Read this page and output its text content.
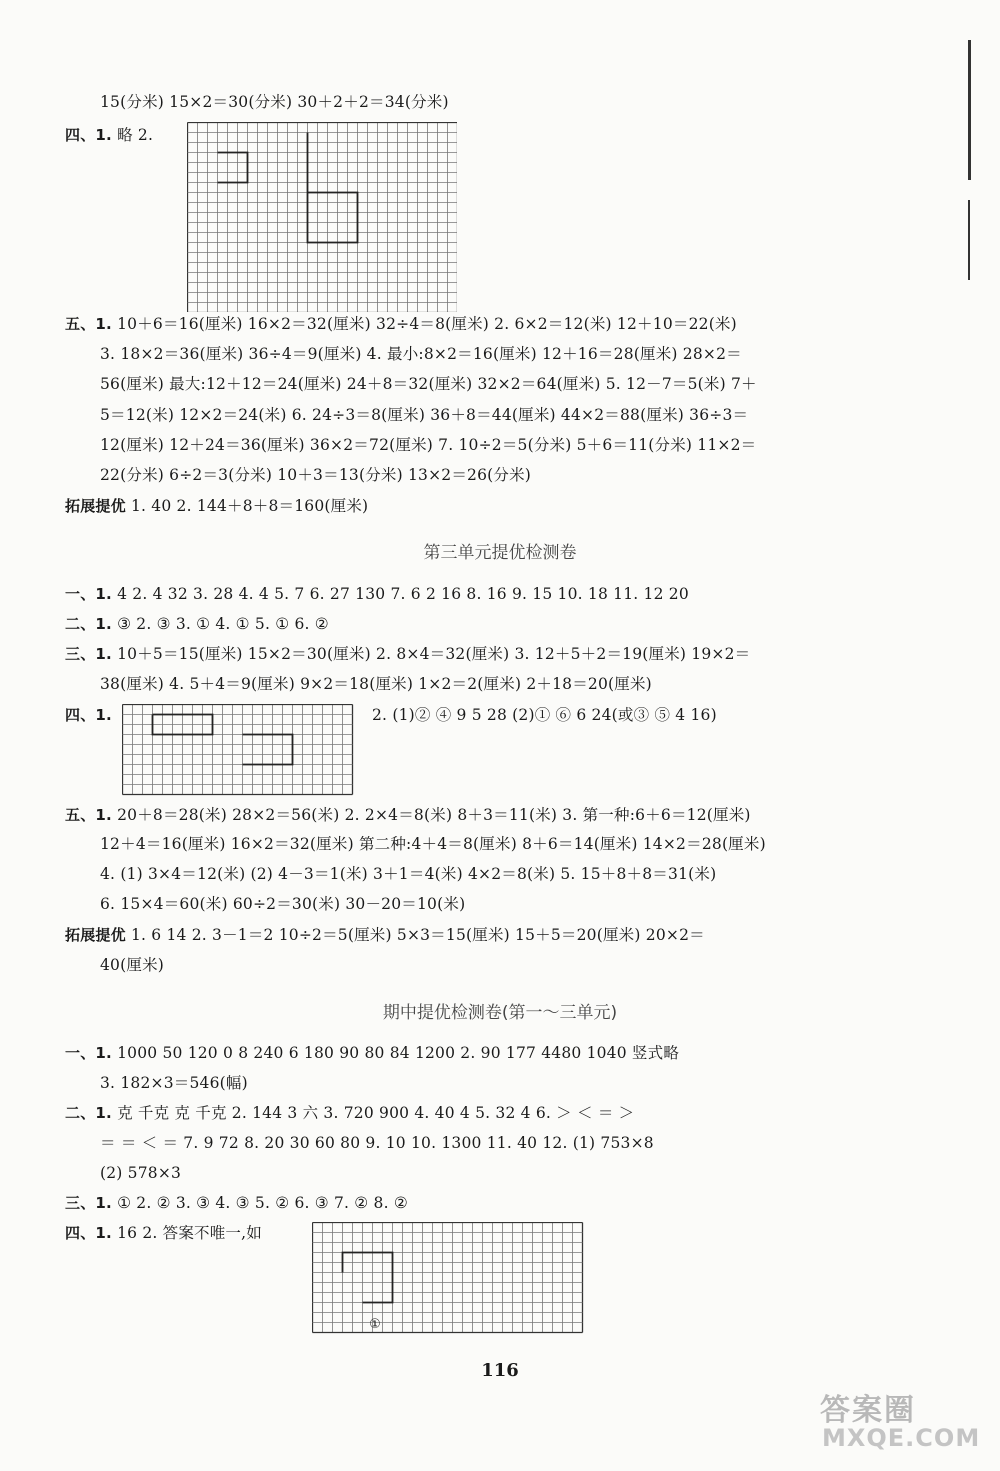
15(分米) 15×2＝30(分米) 30＋2＋2＝34(分米)
四、1. 略 2.
五、1. 10＋6＝16(厘米) 16×2＝32(厘米) 32÷4＝8(厘米) 2. 6×2＝12(米) 12＋10＝22(米)
3. 18×2＝36(厘米) 36÷4＝9(厘米) 4. 最小:8×2＝16(厘米) 12＋16＝28(厘米) 28×2＝
56(厘米) 最大:12＋12＝24(厘米) 24＋8＝32(厘米) 32×2＝64(厘米) 5. 12－7＝5(米) 7＋
5＝12(米) 12×2＝24(米) 6. 24÷3＝8(厘米) 36＋8＝44(厘米) 44×2＝88(厘米) 36÷3＝
12(厘米) 12＋24＝36(厘米) 36×2＝72(厘米) 7. 10÷2＝5(分米) 5＋6＝11(分米) 11×2＝
22(分米) 6÷2＝3(分米) 10＋3＝13(分米) 13×2＝26(分米)
拓展提优 1. 40 2. 144＋8＋8＝160(厘米)
第三单元提优检测卷
一、1. 4 2. 4 32 3. 28 4. 4 5. 7 6. 27 130 7. 6 2 16 8. 16 9. 15 10. 18 11. 12 20
二、1. ③ 2. ③ 3. ① 4. ① 5. ① 6. ②
三、1. 10＋5＝15(厘米) 15×2＝30(厘米) 2. 8×4＝32(厘米) 3. 12＋5＋2＝19(厘米) 19×2＝
38(厘米) 4. 5＋4＝9(厘米) 9×2＝18(厘米) 1×2＝2(厘米) 2＋18＝20(厘米)
四、1.	2. (1)② ④ 9 5 28 (2)① ⑥ 6 24(或③ ⑤ 4 16)
五、1. 20＋8＝28(米) 28×2＝56(米) 2. 2×4＝8(米) 8＋3＝11(米) 3. 第一种:6＋6＝12(厘米)
12＋4＝16(厘米) 16×2＝32(厘米) 第二种:4＋4＝8(厘米) 8＋6＝14(厘米) 14×2＝28(厘米)
4. (1) 3×4＝12(米) (2) 4－3＝1(米) 3＋1＝4(米) 4×2＝8(米) 5. 15＋8＋8＝31(米)
6. 15×4＝60(米) 60÷2＝30(米) 30－20＝10(米)
拓展提优 1. 6 14 2. 3－1＝2 10÷2＝5(厘米) 5×3＝15(厘米) 15＋5＝20(厘米) 20×2＝
40(厘米)
期中提优检测卷(第一～三单元)
一、1. 1000 50 120 0 8 240 6 180 90 80 84 1200 2. 90 177 4480 1040 竖式略
3. 182×3＝546(幅)
二、1. 克 千克 克 千克 2. 144 3 六 3. 720 900 4. 40 4 5. 32 4 6. ＞ ＜ ＝ ＞
＝ ＝ ＜ ＝ 7. 9 72 8. 20 30 60 80 9. 10 10. 1300 11. 40 12. (1) 753×8
(2) 578×3
三、1. ① 2. ② 3. ③ 4. ③ 5. ② 6. ③ 7. ② 8. ②
四、1. 16 2. 答案不唯一,如
①
116
答案圈
MXQE.COM
